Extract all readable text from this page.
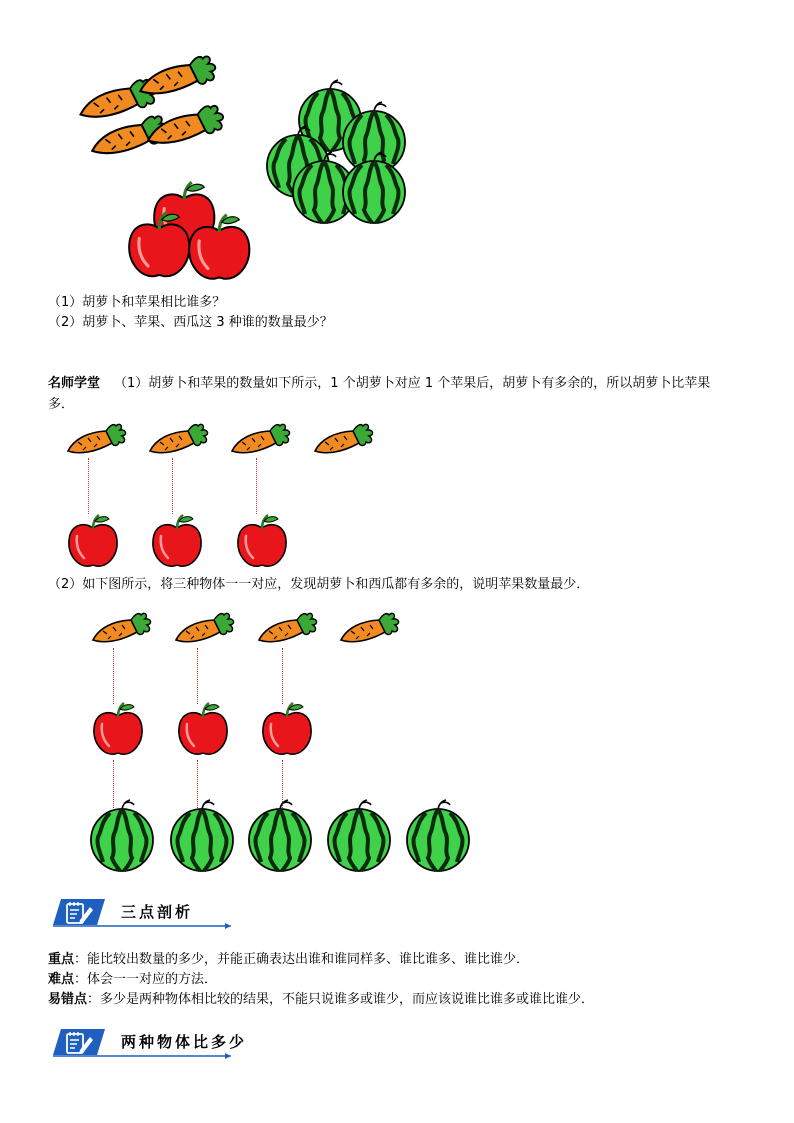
（1）胡萝卜和苹果相比谁多？
（2）胡萝卜、苹果、西瓜这 3 种谁的数量最少？
名师学堂 （1）胡萝卜和苹果的数量如下所示，1 个胡萝卜对应 1 个苹果后，胡萝卜有多余的，所以胡萝卜比苹果
多．
（2）如下图所示，将三种物体一一对应，发现胡萝卜和西瓜都有多余的，说明苹果数量最少．
三点剖析
重点：能比较出数量的多少，并能正确表达出谁和谁同样多、谁比谁多、谁比谁少．
难点：体会一一对应的方法．
易错点：多少是两种物体相比较的结果，不能只说谁多或谁少，而应该说谁比谁多或谁比谁少．
两种物体比多少
